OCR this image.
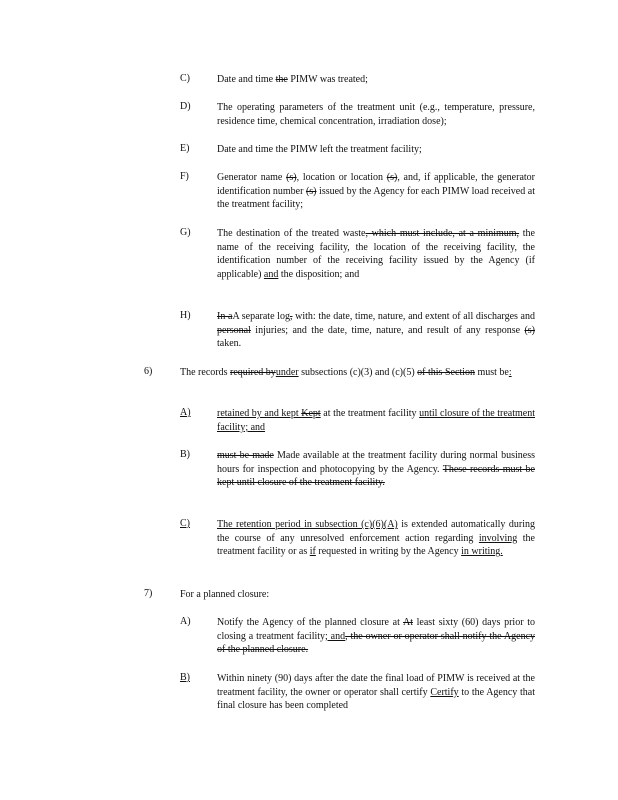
C)	Date and time the PIMW was treated;
D)	The operating parameters of the treatment unit (e.g., temperature, pressure, residence time, chemical concentration, irradiation dose);
E)	Date and time the PIMW left the treatment facility;
F)	Generator name (s), location or location (s), and, if applicable, the generator identification number (s) issued by the Agency for each PIMW load received at the treatment facility;
G)	The destination of the treated waste, which must include, at a minimum, the name of the receiving facility, the location of the receiving facility, the identification number of the receiving facility issued by the Agency (if applicable) and the disposition; and
H)	In aA separate log, with: the date, time, nature, and extent of all discharges and personal injuries; and the date, time, nature, and result of any response (s) taken.
6)	The records required byunder subsections (c)(3) and (c)(5) of this Section must be:
A)	retained by and kept Kept at the treatment facility until closure of the treatment facility; and
B)	must be made Made available at the treatment facility during normal business hours for inspection and photocopying by the Agency. These records must be kept until closure of the treatment facility.
C)	The retention period in subsection (c)(6)(A) is extended automatically during the course of any unresolved enforcement action regarding involving the treatment facility or as if requested in writing by the Agency in writing.
7)	For a planned closure:
A)	Notify the Agency of the planned closure at At least sixty (60) days prior to closing a treatment facility; and, the owner or operator shall notify the Agency of the planned closure.
B)	Within ninety (90) days after the date the final load of PIMW is received at the treatment facility, the owner or operator shall certify Certify to the Agency that final closure has been completed
